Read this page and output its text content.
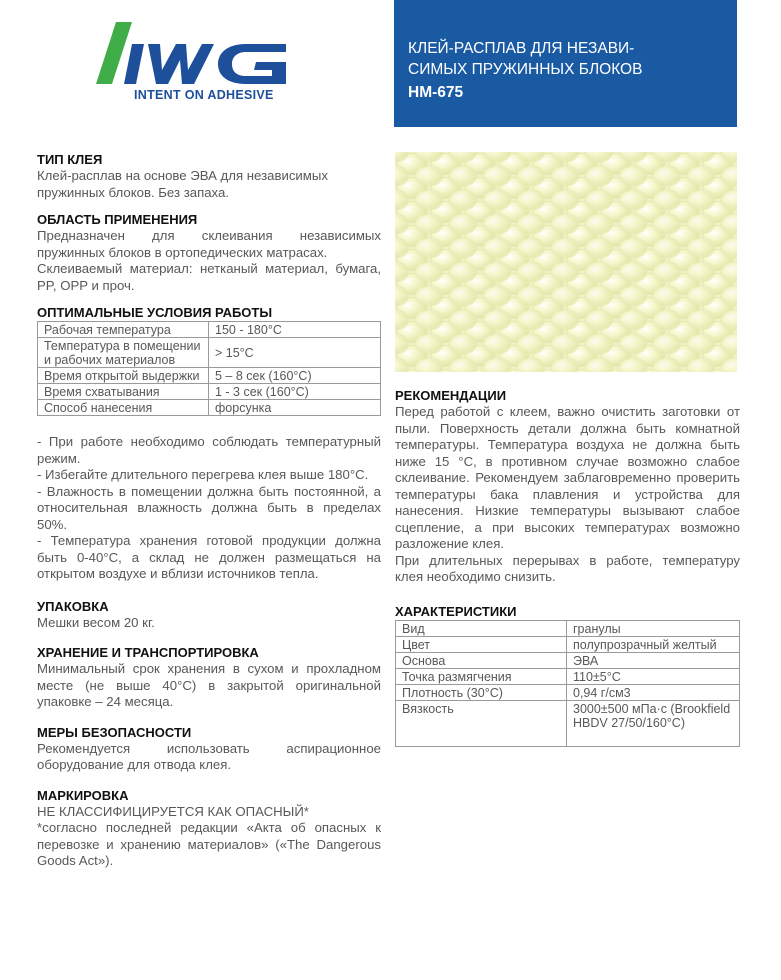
INTENT ON ADHESIVE
КЛЕЙ-РАСПЛАВ ДЛЯ НЕЗАВИ-
СИМЫХ ПРУЖИННЫХ БЛОКОВ
HM-675
ТИП КЛЕЯ

Клей-расплав на основе ЭВА для независимых пружинных блоков. Без запаха.

ОБЛАСТЬ ПРИМЕНЕНИЯ

Предназначен для склеивания независимых пружинных блоков в ортопедических матрасах.

Склеиваемый материал: нетканый материал, бумага, PP, OPP и проч.

ОПТИМАЛЬНЫЕ УСЛОВИЯ РАБОТЫ
Рабочая температура	150 - 180°C
Температура в помещении и рабочих материалов	> 15°C
Время открытой выдержки	5 – 8 сек (160°C)
Время схватывания	1 - 3 сек (160°C)
Способ нанесения	форсунка

- При работе необходимо соблюдать температурный режим.

- Избегайте длительного перегрева клея выше 180°C.

- Влажность в помещении должна быть постоянной, а относительная влажность должна быть в пределах 50%.

- Температура хранения готовой продукции должна быть 0-40°C, а склад не должен размещаться на открытом воздухе и вблизи источников тепла.

УПАКОВКА

Мешки весом 20 кг.

ХРАНЕНИЕ И ТРАНСПОРТИРОВКА

Минимальный срок хранения в сухом и прохладном месте (не выше 40°C) в закрытой оригинальной упаковке – 24 месяца.

МЕРЫ БЕЗОПАСНОСТИ

Рекомендуется использовать аспирационное оборудование для отвода клея.

МАРКИРОВКА

НЕ КЛАССИФИЦИРУЕТСЯ КАК ОПАСНЫЙ*

*согласно последней редакции «Акта об опасных к перевозке и хранению материалов» («The Dangerous Goods Act»).

РЕКОМЕНДАЦИИ

Перед работой с клеем, важно очистить заготовки от пыли. Поверхность детали должна быть комнатной температуры. Температура воздуха не должна быть ниже 15 °C, в противном случае возможно слабое склеивание. Рекомендуем заблаговременно проверить температуры бака плавления и устройства для нанесения. Низкие температуры вызывают слабое сцепление, а при высоких температурах возможно разложение клея.

При длительных перерывах в работе, температуру клея необходимо снизить.

ХАРАКТЕРИСТИКИ
Вид	гранулы
Цвет	полупрозрачный желтый
Основа	ЭВА
Точка размягчения	110±5°C
Плотность (30°C)	0,94 г/см3
Вязкость	3000±500 мПа·с (Brookfield HBDV 27/50/160°C)
